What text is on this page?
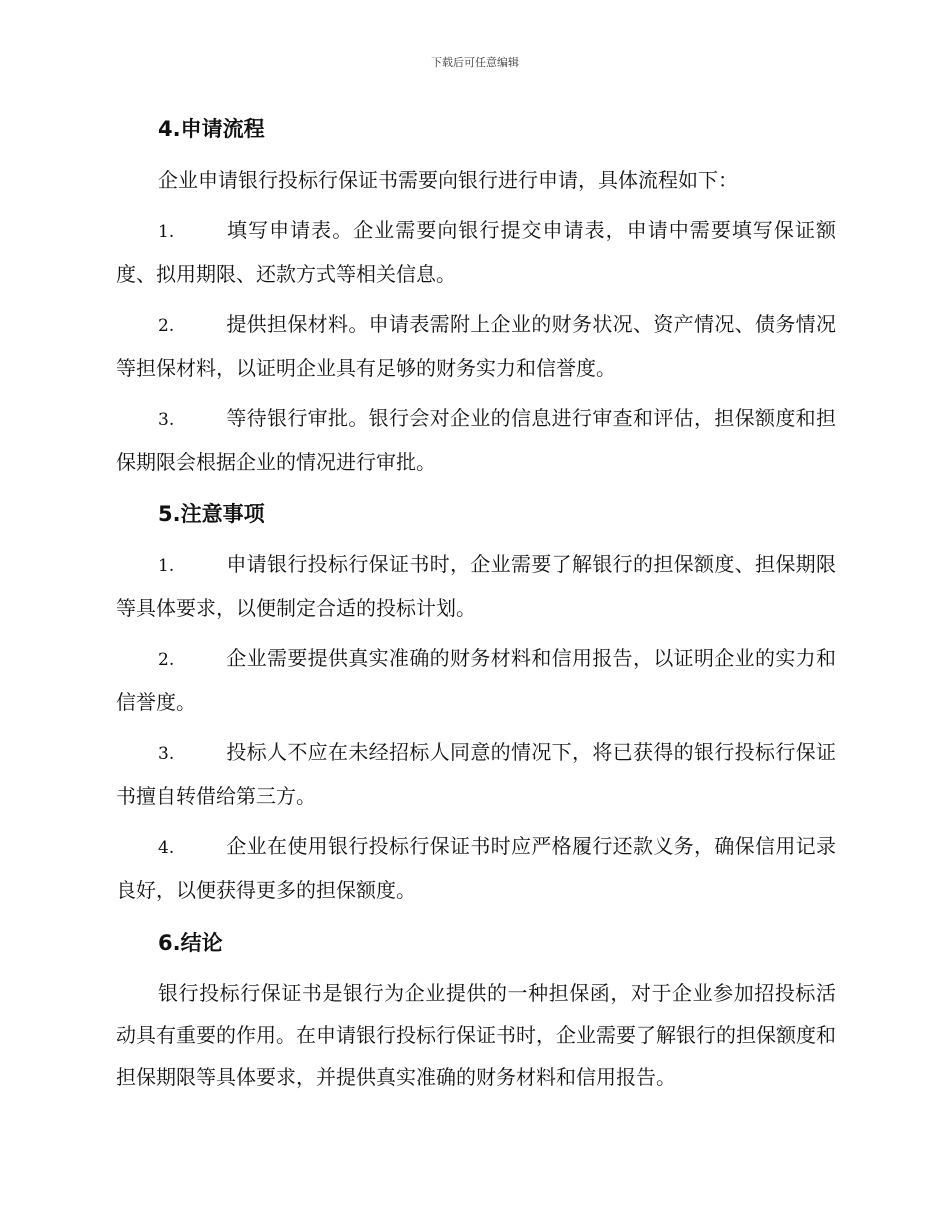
下载后可任意编辑
4.申请流程
企业申请银行投标行保证书需要向银行进行申请，具体流程如下：
1.	填写申请表。企业需要向银行提交申请表，申请中需要填写保证额度、拟用期限、还款方式等相关信息。
2.	提供担保材料。申请表需附上企业的财务状况、资产情况、债务情况等担保材料，以证明企业具有足够的财务实力和信誉度。
3.	等待银行审批。银行会对企业的信息进行审查和评估，担保额度和担保期限会根据企业的情况进行审批。
5.注意事项
1.	申请银行投标行保证书时，企业需要了解银行的担保额度、担保期限等具体要求，以便制定合适的投标计划。
2.	企业需要提供真实准确的财务材料和信用报告，以证明企业的实力和信誉度。
3.	投标人不应在未经招标人同意的情况下，将已获得的银行投标行保证书擅自转借给第三方。
4.	企业在使用银行投标行保证书时应严格履行还款义务，确保信用记录良好，以便获得更多的担保额度。
6.结论
银行投标行保证书是银行为企业提供的一种担保函，对于企业参加招投标活动具有重要的作用。在申请银行投标行保证书时，企业需要了解银行的担保额度和担保期限等具体要求，并提供真实准确的财务材料和信用报告。
